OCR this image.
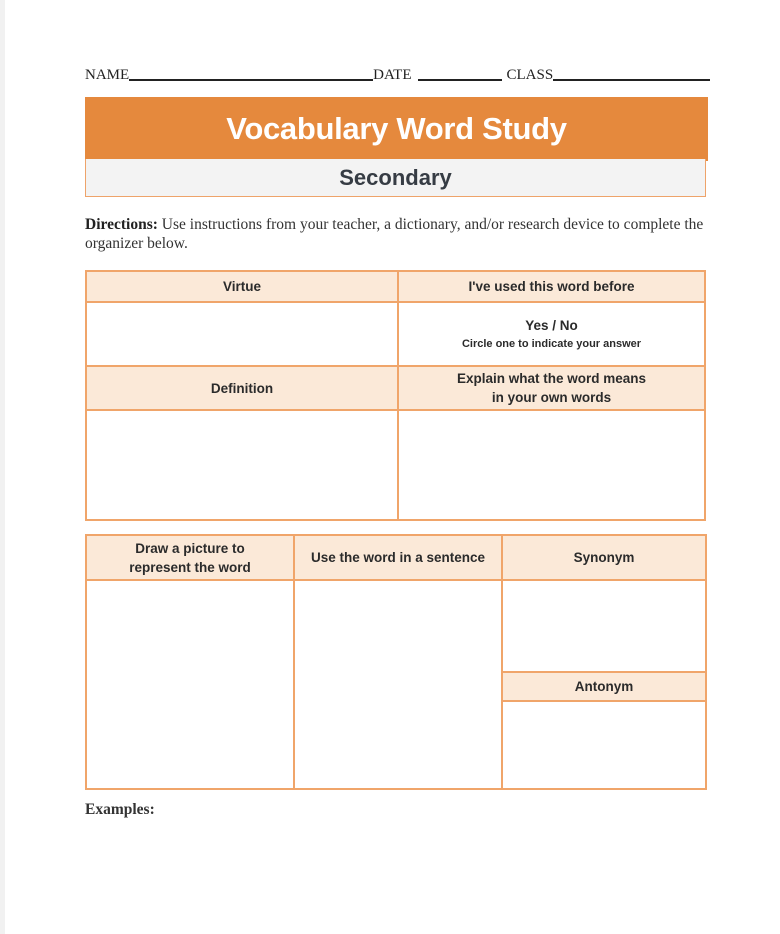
NAME	DATE	CLASS
Vocabulary Word Study
Secondary
Directions: Use instructions from your teacher, a dictionary, and/or research device to complete the organizer below.
Virtue	I've used this word before

	Yes / No
Circle one to indicate your answer

Definition	Explain what the word means
in your own words

Draw a picture to
represent the word	Use the word in a sentence	Synonym

		Antonym

Examples:
